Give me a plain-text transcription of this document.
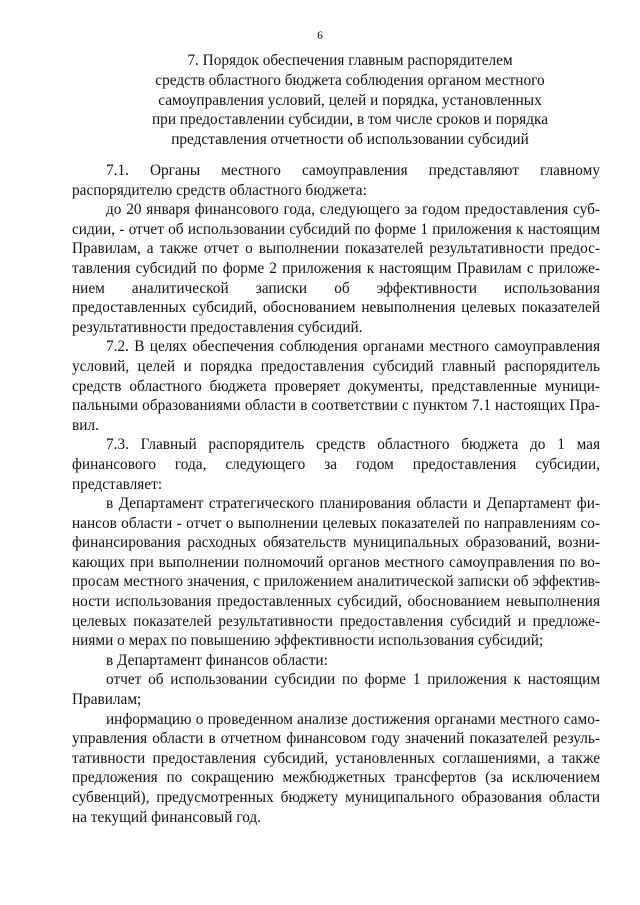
6
7. Порядок обеспечения главным распорядителем
средств областного бюджета соблюдения органом местного
самоуправления условий, целей и порядка, установленных
при предоставлении субсидии, в том числе сроков и порядка
представления отчетности об использовании субсидий

7.1. Органы местного самоуправления представляют главному распорядителю средств областного бюджета:

до 20 января финансового года, следующего за годом предоставления субсидии, - отчет об использовании субсидий по форме 1 приложения к настоящим Правилам, а также отчет о выполнении показателей результативности предоставления субсидий по форме 2 приложения к настоящим Правилам с приложением аналитической записки об эффективности использования предоставленных субсидий, обоснованием невыполнения целевых показателей результативности предоставления субсидий.

7.2. В целях обеспечения соблюдения органами местного самоуправления условий, целей и порядка предоставления субсидий главный распорядитель средств областного бюджета проверяет документы, представленные муниципальными образованиями области в соответствии с пунктом 7.1 настоящих Правил.

7.3. Главный распорядитель средств областного бюджета до 1 мая финансового года, следующего за годом предоставления субсидии, представляет:

в Департамент стратегического планирования области и Департамент финансов области - отчет о выполнении целевых показателей по направлениям софинансирования расходных обязательств муниципальных образований, возникающих при выполнении полномочий органов местного самоуправления по вопросам местного значения, с приложением аналитической записки об эффективности использования предоставленных субсидий, обоснованием невыполнения целевых показателей результативности предоставления субсидий и предложениями о мерах по повышению эффективности использования субсидий;

в Департамент финансов области:

отчет об использовании субсидии по форме 1 приложения к настоящим Правилам;

информацию о проведенном анализе достижения органами местного самоуправления области в отчетном финансовом году значений показателей результативности предоставления субсидий, установленных соглашениями, а также предложения по сокращению межбюджетных трансфертов (за исключением субвенций), предусмотренных бюджету муниципального образования области на текущий финансовый год.
